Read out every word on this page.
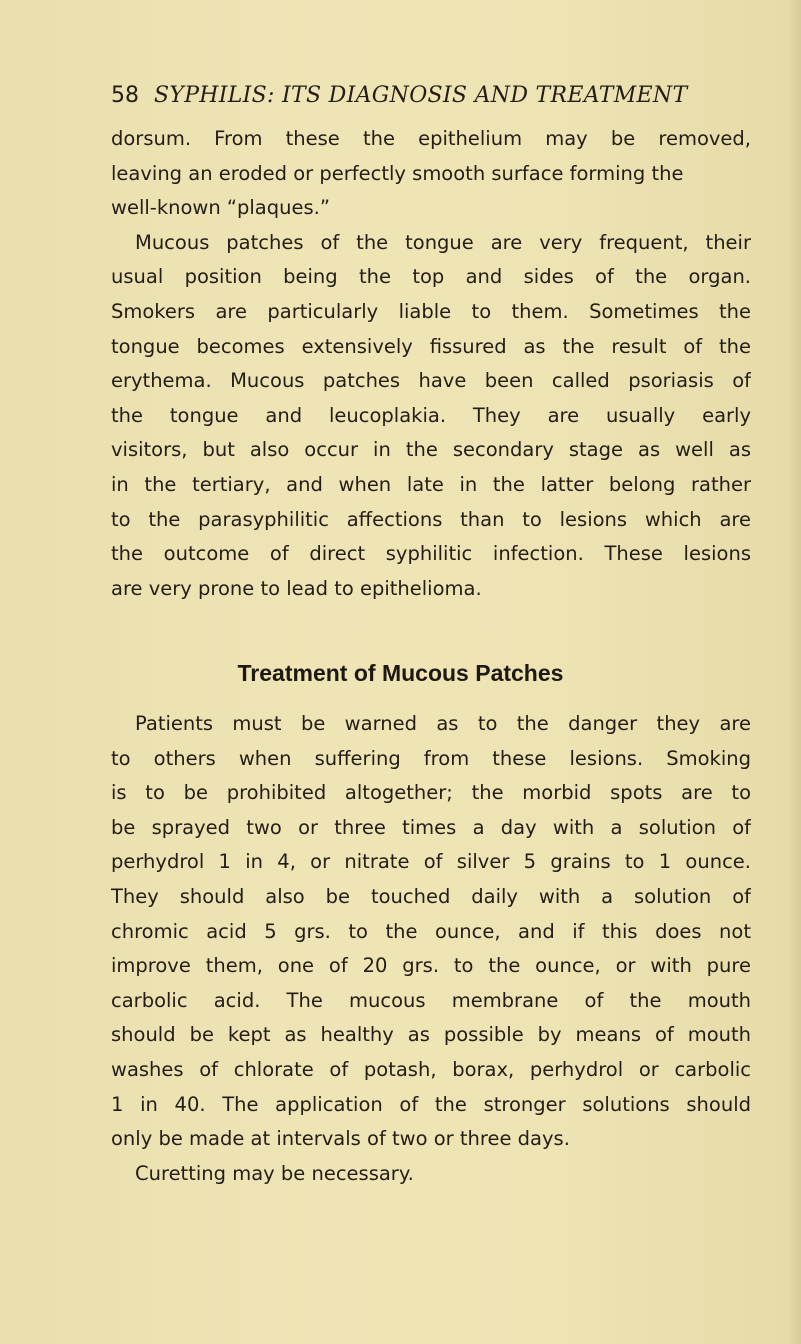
58 SYPHILIS: ITS DIAGNOSIS AND TREATMENT

dorsum. From these the epithelium may be removed,

leaving an eroded or perfectly smooth surface forming the

well-known “plaques.”

Mucous patches of the tongue are very frequent, their

usual position being the top and sides of the organ.

Smokers are particularly liable to them. Sometimes the

tongue becomes extensively fissured as the result of the

erythema. Mucous patches have been called psoriasis of

the tongue and leucoplakia. They are usually early

visitors, but also occur in the secondary stage as well as

in the tertiary, and when late in the latter belong rather

to the parasyphilitic affections than to lesions which are

the outcome of direct syphilitic infection. These lesions

are very prone to lead to epithelioma.

Treatment of Mucous Patches

Patients must be warned as to the danger they are

to others when suffering from these lesions. Smoking

is to be prohibited altogether; the morbid spots are to

be sprayed two or three times a day with a solution of

perhydrol 1 in 4, or nitrate of silver 5 grains to 1 ounce.

They should also be touched daily with a solution of

chromic acid 5 grs. to the ounce, and if this does not

improve them, one of 20 grs. to the ounce, or with pure

carbolic acid. The mucous membrane of the mouth

should be kept as healthy as possible by means of mouth

washes of chlorate of potash, borax, perhydrol or carbolic

1 in 40. The application of the stronger solutions should

only be made at intervals of two or three days.

Curetting may be necessary.
